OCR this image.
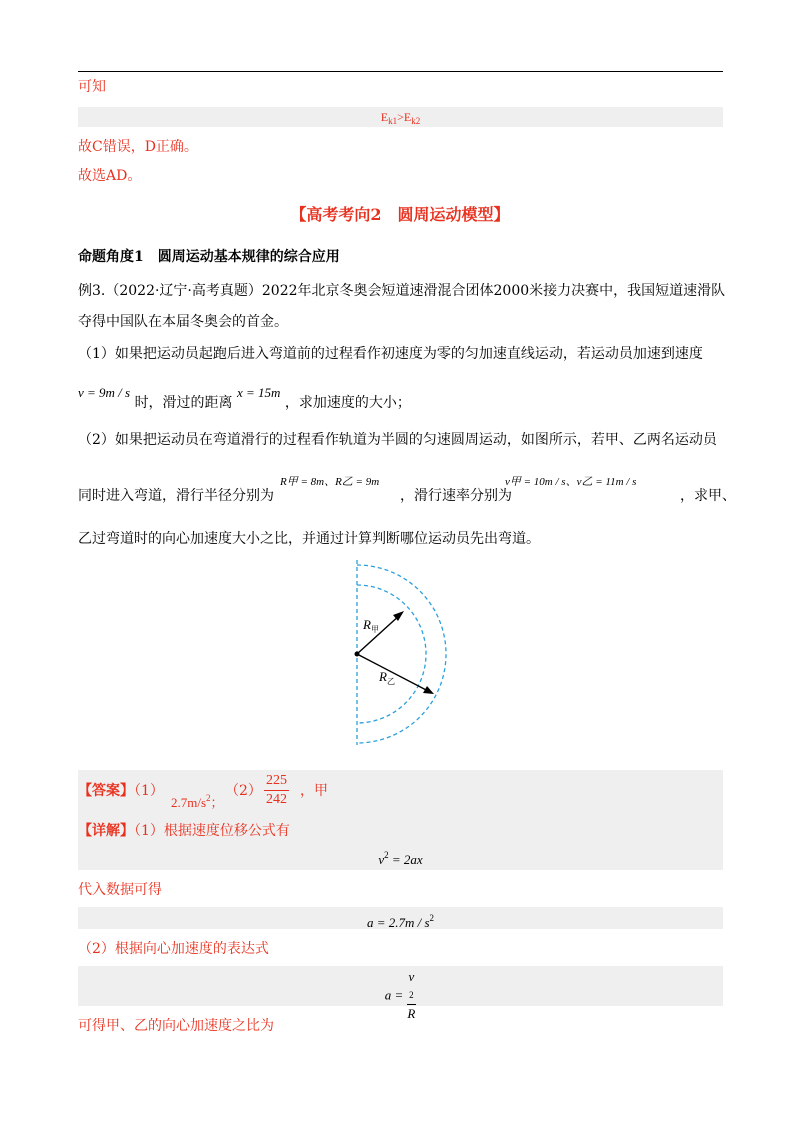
可知
$E_{k1}>E_{k2}$
故C错误，D正确。
故选AD。
【高考考向2　圆周运动模型】
命题角度1　圆周运动基本规律的综合应用
例3.（2022·辽宁·高考真题）2022年北京冬奥会短道速滑混合团体2000米接力决赛中，我国短道速滑队
夺得中国队在本届冬奥会的首金。
（1）如果把运动员起跑后进入弯道前的过程看作初速度为零的匀加速直线运动，若运动员加速到速度
v = 9m / s 时，滑过的距离 x = 15m ，求加速度的大小；
（2）如果把运动员在弯道滑行的过程看作轨道为半圆的匀速圆周运动，如图所示，若甲、乙两名运动员
同时进入弯道，滑行半径分别为
R甲 = 8m、R乙 = 9m
，滑行速率分别为
v甲 = 10m / s、v乙 = 11m / s
，求甲、
乙过弯道时的向心加速度大小之比，并通过计算判断哪位运动员先出弯道。
$R_甲$
$R_乙$
【答案】（1）
$2.7m/s^2$；
$(2) \frac{225}{242}$ ，甲
【详解】（1）根据速度位移公式有
$v^2 = 2ax$
代入数据可得
$a = 2.7m / s^2$
（2）根据向心加速度的表达式
a = v
2
R
可得甲、乙的向心加速度之比为
